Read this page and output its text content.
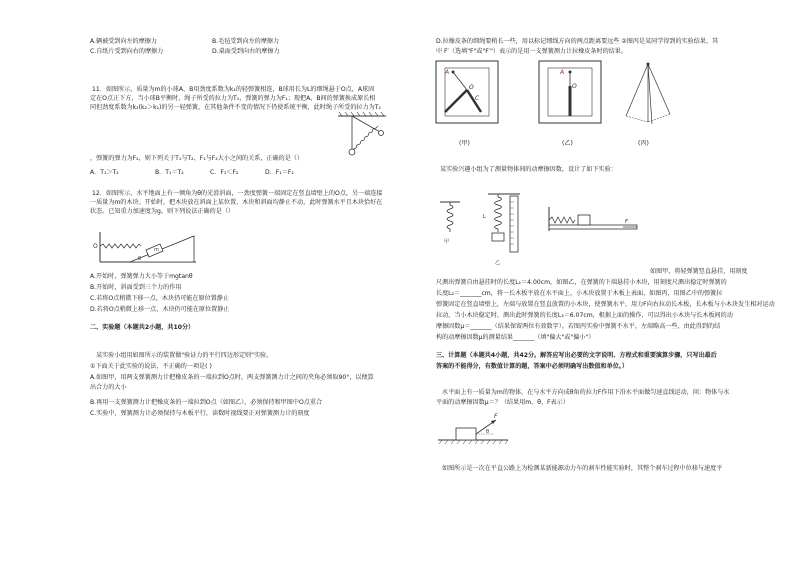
A.辆被受到向左的摩擦力	B.毛毡受到向左的摩擦力
C.自纸片受到向右的摩擦力	D.桌面受到向右的摩擦力
11．如图所示，质量为m的小球A、B用劲度系数为k₁的轻弹簧相连，B球用长为L的细绳悬于O点，A球固
定在O点正下方，当小球B平衡时，绳子所受的拉力为T₁，弹簧的弹力为F₁；现把A、B间的弹簧换成原长相
同但劲度系数为k₂(k₂＞k₁)的另一轻弹簧，在其他条件不变的情况下仍使系统平衡，此时绳子所受的拉力为T₂
，弹簧的弹力为F₂，则下列关于T₁与T₂、F₁与F₂大小之间的关系，正确的是（）
A．T₁＞T₂	B．T₁＝T₂	C．F₁＜F₂	D．F₁＝F₂
12．如图所示，水平地面上有一倾角为θ的光滑斜面，一劲度弹簧一端固定在竖直墙壁上的O点，另一端连接
一质量为m的木块。开始时，把木块放在斜面上某位置，木块和斜面均静止不动，此时弹簧水平且木块恰好在
状态。已知重力加速度为g。则下列说法正确的是（）
O	m
θ
A.开始时，弹簧弹力大小等于mgtanθ
B.开始时，斜面受到三个力的作用
C.若将O点稍微下移一点，木块仍可能在原位置静止
D.若将O点稍微上移一点，木块仍可能在原位置静止
二、实验题（本题共2小题，共10分）
某实验小组用如图所示的装置做"验证力的平行四边形定则"实验。
①下面关于此实验的说法，不正确的一项是( )
A.如图甲，用两支弹簧测力计把橡皮条的一端拉到O点时，两支弹簧测力计之间的夹角必须取90°，以便算
出合力的大小
B.再用一支弹簧测力计把橡皮条的一端拉到O点（如图乙），必须保持和甲图中O点重合
C.实验中，弹簧测力计必须保持与木板平行，读数时视线要正对弹簧测力计的刻度
D.拉橡皮条的细绳要稍长一些，用以标记细线方向的两点距离要远些 ②图丙是某同学得到的实验结果，其
中 F′（选填"F"或"F′"）表示的是用一支弹簧测力计拉橡皮条时的结果。
A
O
C
(甲)
A
O
(乙)	(丙)
某实验兴趣小组为了测量物体间的动摩擦因数，设计了如下实验：
甲
L
乙
F
如图甲，将轻弹簧竖直悬挂，用刻度
尺测出弹簧自由悬挂时的长度L₁＝4.00cm，如图乙，在弹簧的下端悬挂小木块，用刻度尺测出稳定时弹簧的
长度L₂＝_______cm，将一长木板平放在水平面上，小木块放置于木板上表面，如图丙，用图乙中的弹簧拉
弹簧固定在竖直墙壁上，左端与放置在竖直放置的小木块，使弹簧水平，用力F向右拉动长木板，长木板与小木块发生相对运动
拉动，当小木块稳定时，测出此时弹簧的长度L₃＝6.07cm，根据上面的操作，可以得出小木块与长木板间的动
摩擦因数μ＝_______（结果保留两位有效数字）。若图丙实验中弹簧不水平，左端略高一些，由此得到的结
构的动摩擦因数μ的测量结果_______（填"偏大"或"偏小"）
三、计算题（本题共4小题，共42分。解答应写出必要的文字说明、方程式和重要演算步骤，只写出最后
答案的不能得分，有数值计算的题，答案中必须明确写出数值和单位。）
水平面上有一质量为m的物体，在与水平方向成θ角的拉力F作用下沿水平面做匀速直线运动，问：物体与水
平面的动摩擦因数μ＝？（结果用m、θ、F表示）
F
θ
如图所示是一次在平直公路上为检测某新能源动力车的刹车性能实验时，其整个刹车过程中位移与速度平
